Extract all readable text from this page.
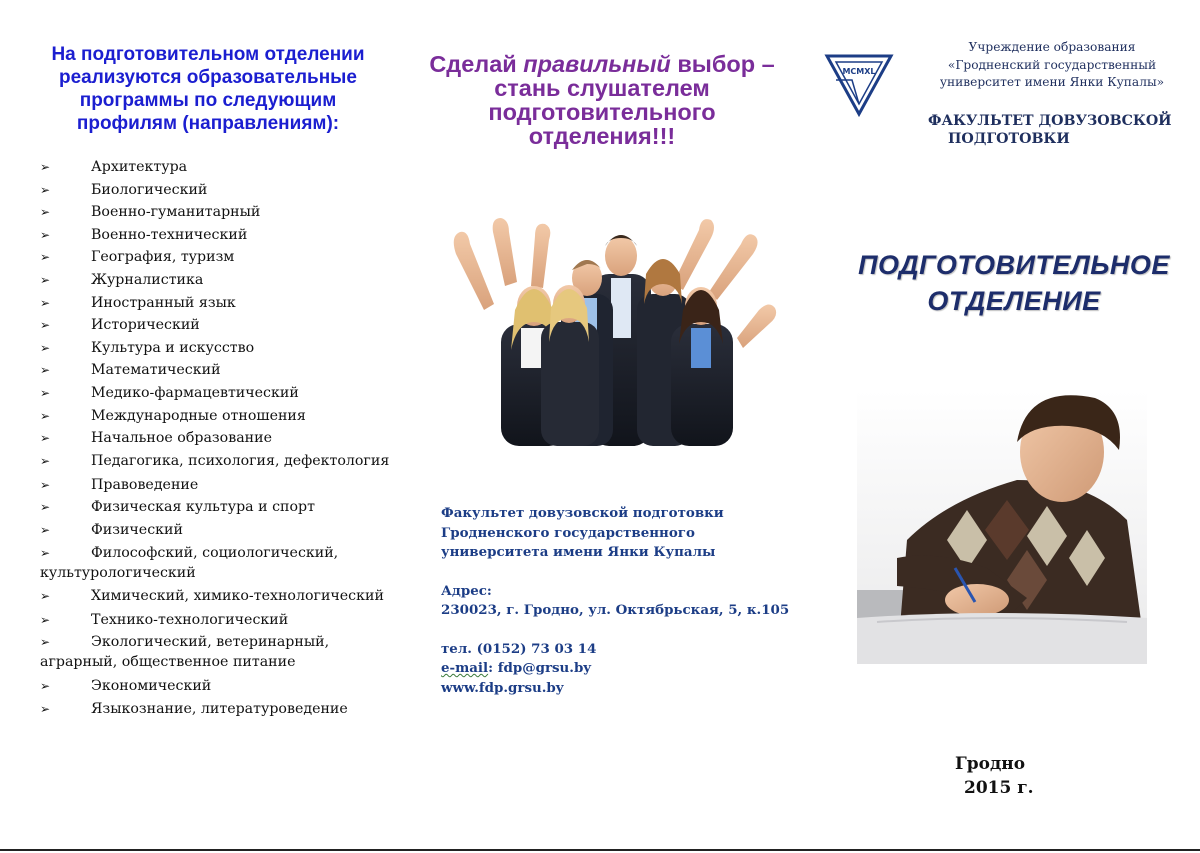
На подготовительном отделении реализуются образовательные программы по следующим профилям (направлениям):
➢	Архитектура
➢	Биологический
➢	Военно-гуманитарный
➢	Военно-технический
➢	География, туризм
➢	Журналистика
➢	Иностранный язык
➢	Исторический
➢	Культура и искусство
➢	Математический
➢	Медико-фармацевтический
➢	Международные отношения
➢	Начальное образование
➢	Педагогика, психология, дефектология
➢	Правоведение
➢	Физическая культура и спорт
➢	Физический
➢	Философский, социологический, культурологический
➢	Химический, химико-технологический
➢	Технико-технологический
➢	Экологический, ветеринарный, аграрный, общественное питание
➢	Экономический
➢	Языкознание, литературоведение
Сделай правильный выбор – стань слушателем подготовительного отделения!!!
Факультет довузовской подготовки
Гродненского государственного
университета имени Янки Купалы
Адрес:
230023, г. Гродно, ул. Октябрьская, 5, к.105
тел. (0152) 73 03 14
e-mail: fdp@grsu.by
www.fdp.grsu.by
MCMXL
Учреждение образования
«Гродненский государственный
университет имени Янки Купалы»
ФАКУЛЬТЕТ ДОВУЗОВСКОЙ
ПОДГОТОВКИ
ПОДГОТОВИТЕЛЬНОЕ
ОТДЕЛЕНИЕ
Гродно
2015 г.
